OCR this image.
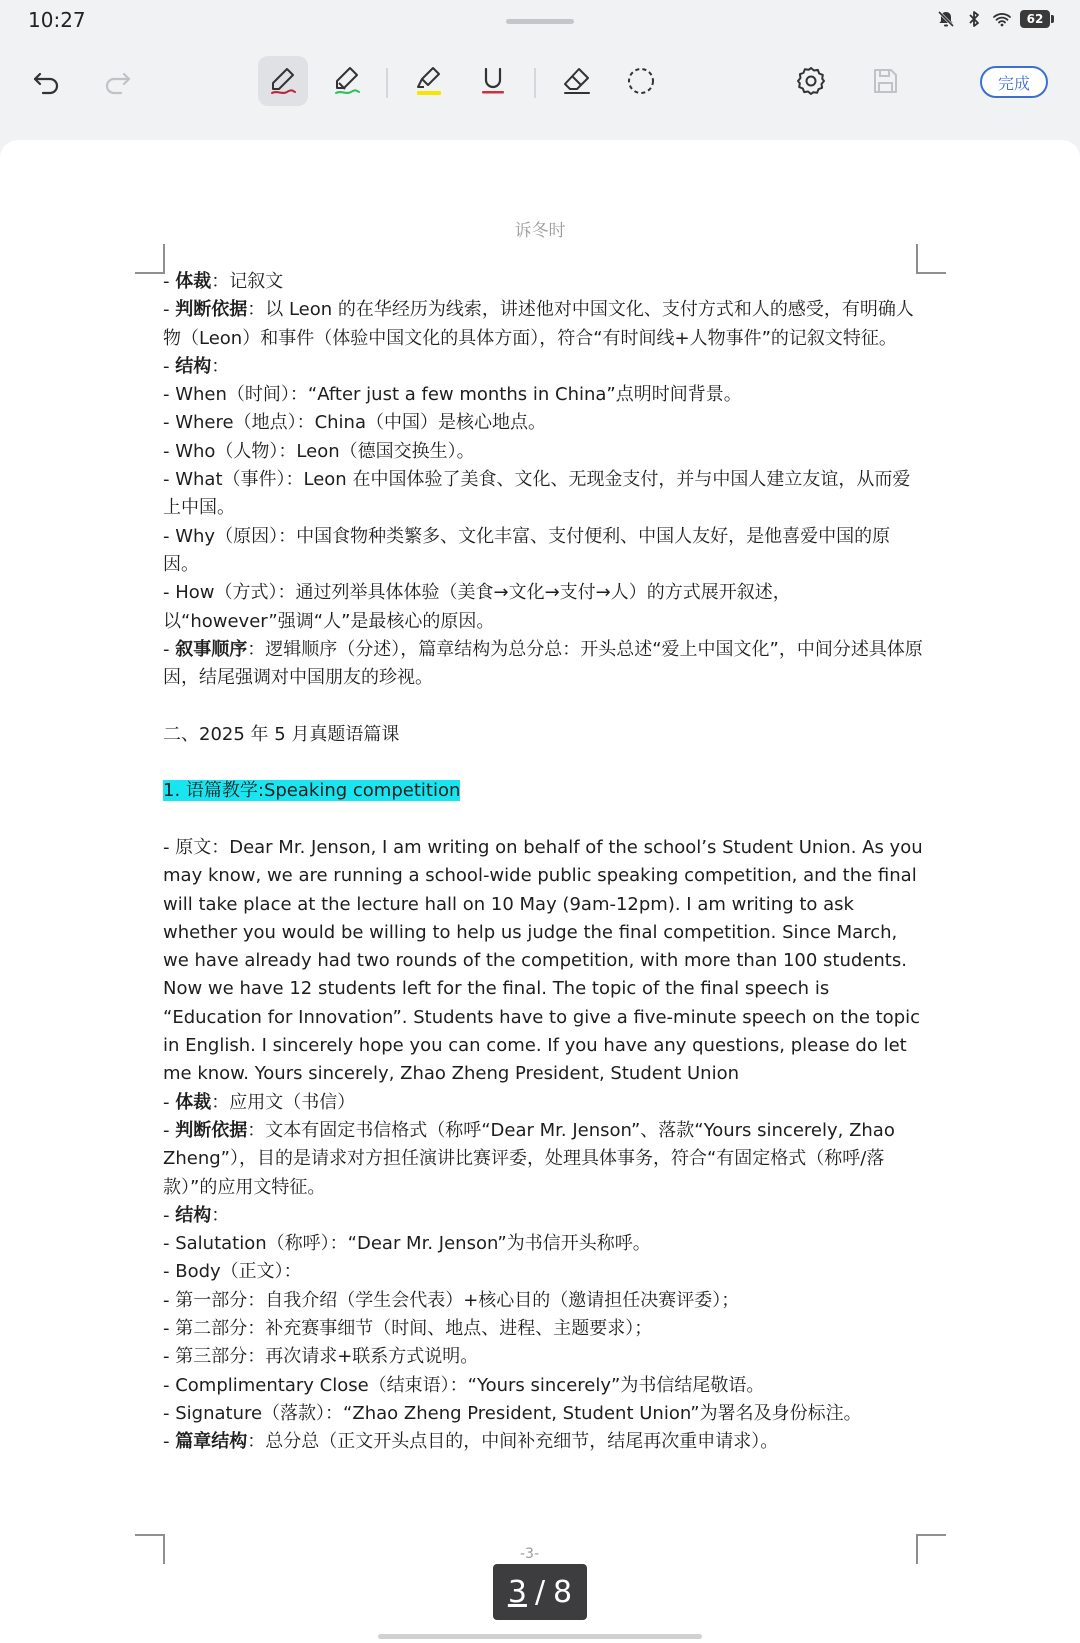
10:27	62
完成
诉冬时
- 体裁：记叙文
- 判断依据：以 Leon 的在华经历为线索，讲述他对中国文化、支付方式和人的感受，有明确人物（Leon）和事件（体验中国文化的具体方面），符合“有时间线+人物事件”的记叙文特征。
- 结构：
- When（时间）：“After just a few months in China”点明时间背景。
- Where（地点）：China（中国）是核心地点。
- Who（人物）：Leon（德国交换生）。
- What（事件）：Leon 在中国体验了美食、文化、无现金支付，并与中国人建立友谊，从而爱上中国。
- Why（原因）：中国食物种类繁多、文化丰富、支付便利、中国人友好，是他喜爱中国的原因。
- How（方式）：通过列举具体体验（美食→文化→支付→人）的方式展开叙述，以“however”强调“人”是最核心的原因。
- 叙事顺序：逻辑顺序（分述），篇章结构为总分总：开头总述“爱上中国文化”，中间分述具体原因，结尾强调对中国朋友的珍视。
二、2025 年 5 月真题语篇课
1. 语篇教学:Speaking competition
- 原文：Dear Mr. Jenson, I am writing on behalf of the school’s Student Union. As you may know, we are running a school-wide public speaking competition, and the final will take place at the lecture hall on 10 May (9am-12pm). I am writing to ask whether you would be willing to help us judge the final competition. Since March, we have already had two rounds of the competition, with more than 100 students. Now we have 12 students left for the final. The topic of the final speech is “Education for Innovation”. Students have to give a five-minute speech on the topic in English. I sincerely hope you can come. If you have any questions, please do let me know. Yours sincerely, Zhao Zheng President, Student Union
- 体裁：应用文（书信）
- 判断依据：文本有固定书信格式（称呼“Dear Mr. Jenson”、落款“Yours sincerely, Zhao Zheng”），目的是请求对方担任演讲比赛评委，处理具体事务，符合“有固定格式（称呼/落款）”的应用文特征。
- 结构：
- Salutation（称呼）：“Dear Mr. Jenson”为书信开头称呼。
- Body（正文）：
- 第一部分：自我介绍（学生会代表）+核心目的（邀请担任决赛评委）；
- 第二部分：补充赛事细节（时间、地点、进程、主题要求）；
- 第三部分：再次请求+联系方式说明。
- Complimentary Close（结束语）：“Yours sincerely”为书信结尾敬语。
- Signature（落款）：“Zhao Zheng President, Student Union”为署名及身份标注。
- 篇章结构：总分总（正文开头点目的，中间补充细节，结尾再次重申请求）。
-3-
3 / 8
